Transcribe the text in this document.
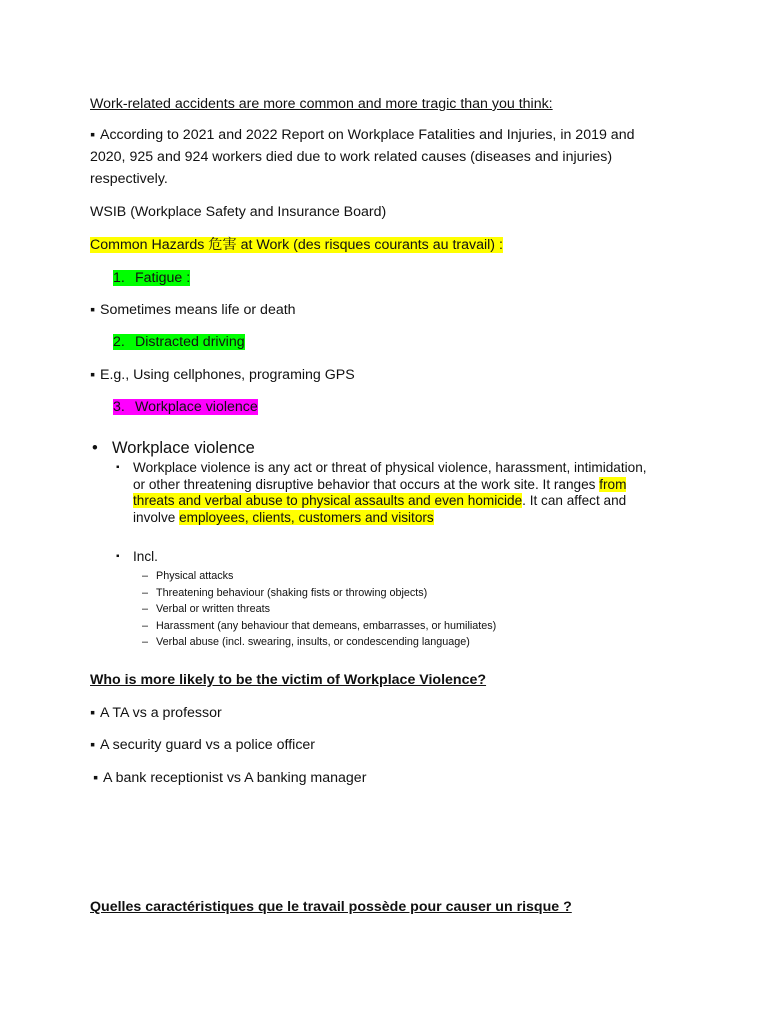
Work-related accidents are more common and more tragic than you think:

▪ According to 2021 and 2022 Report on Workplace Fatalities and Injuries, in 2019 and

2020, 925 and 924 workers died due to work related causes (diseases and injuries)

respectively.

WSIB (Workplace Safety and Insurance Board)

Common Hazards 危害 at Work (des risques courants au travail) :

1. Fatigue :

▪ Sometimes means life or death

2. Distracted driving

▪ E.g., Using cellphones, programing GPS

3. Workplace violence

• Workplace violence
▪ Workplace violence is any act or threat of physical violence, harassment, intimidation,
or other threatening disruptive behavior that occurs at the work site. It ranges from
threats and verbal abuse to physical assaults and even homicide. It can affect and
involve employees, clients, customers and visitors
▪ Incl.
– Physical attacks
– Threatening behaviour (shaking fists or throwing objects)
– Verbal or written threats
– Harassment (any behaviour that demeans, embarrasses, or humiliates)
– Verbal abuse (incl. swearing, insults, or condescending language)

Who is more likely to be the victim of Workplace Violence?

▪ A TA vs a professor

▪ A security guard vs a police officer

▪ A bank receptionist vs A banking manager

Quelles caractéristiques que le travail possède pour causer un risque ?
